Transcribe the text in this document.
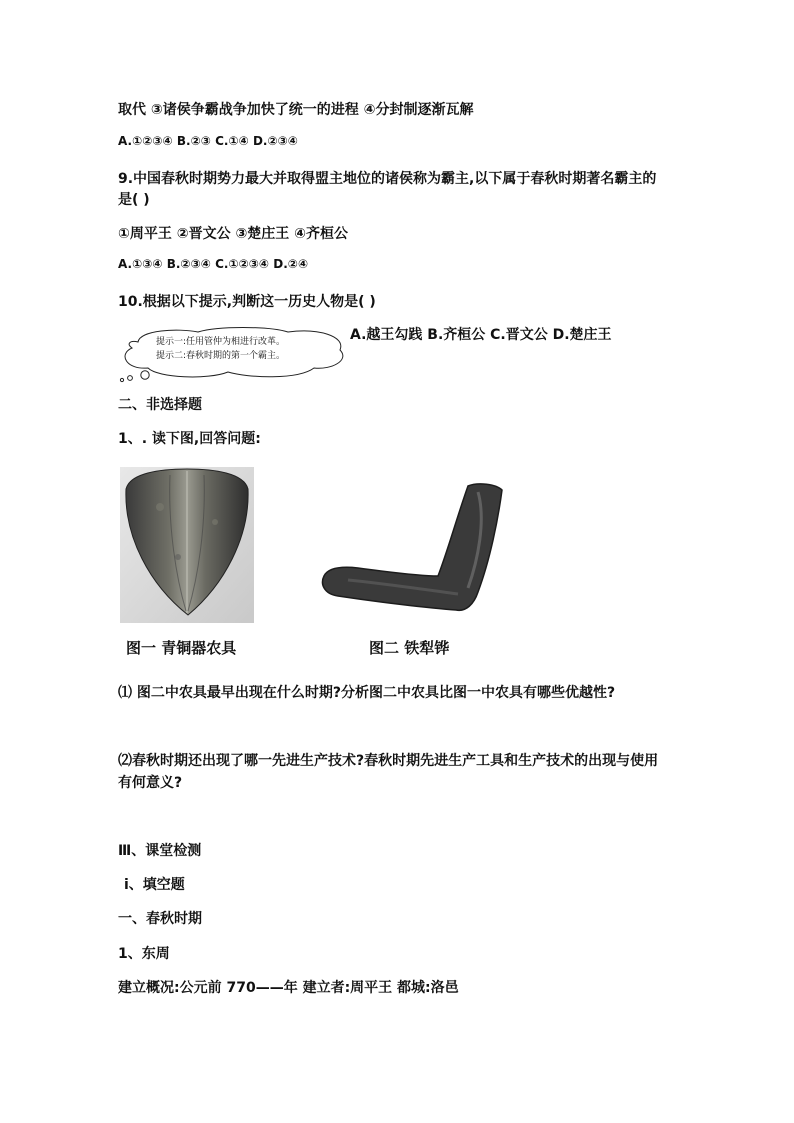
取代 ③诸侯争霸战争加快了统一的进程 ④分封制逐渐瓦解
A.①②③④ B.②③ C.①④ D.②③④
9.中国春秋时期势力最大并取得盟主地位的诸侯称为霸主,以下属于春秋时期著名霸主的
是( )
①周平王 ②晋文公 ③楚庄王 ④齐桓公
A.①③④ B.②③④ C.①②③④ D.②④
10.根据以下提示,判断这一历史人物是( )
提示一:任用管仲为相进行改革。
提示二:春秋时期的第一个霸主。
A.越王勾践 B.齐桓公 C.晋文公 D.楚庄王
二、非选择题
1、. 读下图,回答问题:
图一 青铜器农具	图二 铁犁铧
⑴ 图二中农具最早出现在什么时期?分析图二中农具比图一中农具有哪些优越性?
⑵春秋时期还出现了哪一先进生产技术?春秋时期先进生产工具和生产技术的出现与使用
有何意义?
Ⅲ、课堂检测
ⅰ、填空题
一、春秋时期
1、东周
建立概况:公元前 770——年 建立者:周平王 都城:洛邑
